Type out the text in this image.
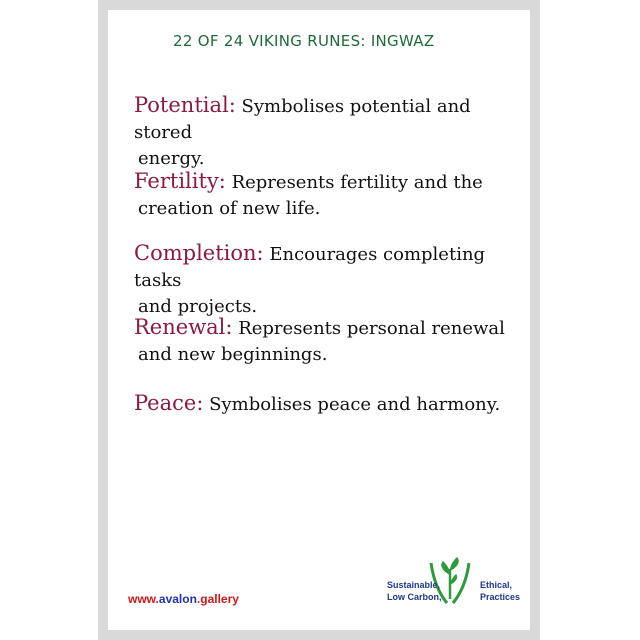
22 OF 24 VIKING RUNES: INGWAZ
Potential: Symbolises potential and stored
energy.
Fertility: Represents fertility and the
creation of new life.
Completion: Encourages completing tasks
and projects.
Renewal: Represents personal renewal
and new beginnings.
Peace: Symbolises peace and harmony.
www.avalon.gallery
Sustainable,
Low Carbon,
Ethical,
Practices
